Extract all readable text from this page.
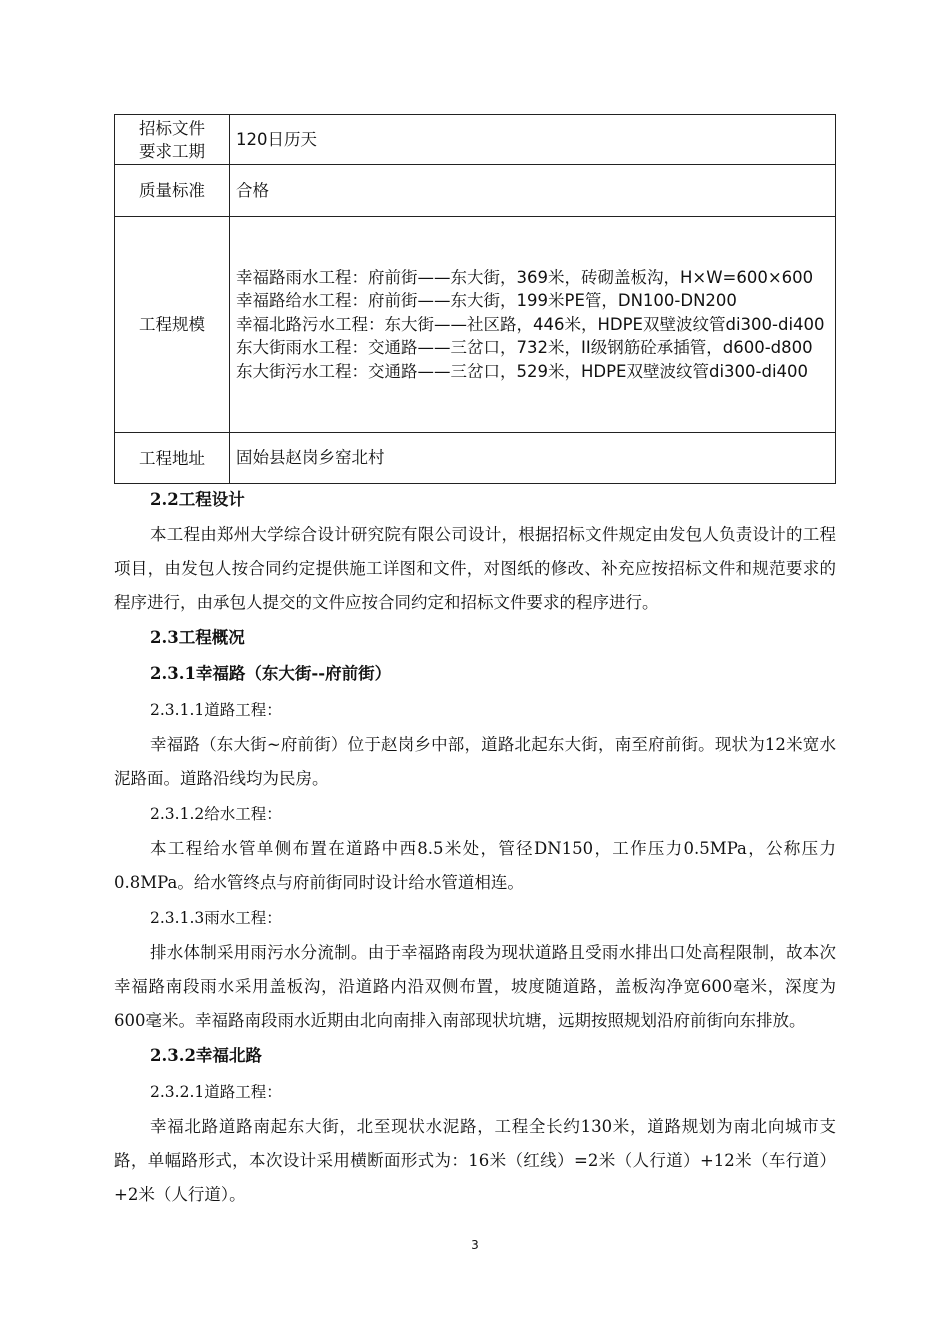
招标文件要求工期	120日历天
质量标准	合格
工程规模	幸福路雨水工程：府前街——东大街，369米，砖砌盖板沟，H×W=600×600
幸福路给水工程：府前街——东大街，199米PE管，DN100-DN200
幸福北路污水工程：东大街——社区路，446米，HDPE双壁波纹管di300-di400
东大街雨水工程：交通路——三岔口，732米，II级钢筋砼承插管，d600-d800
东大街污水工程：交通路——三岔口，529米，HDPE双壁波纹管di300-di400

工程地址	固始县赵岗乡窑北村

2.2工程设计

本工程由郑州大学综合设计研究院有限公司设计，根据招标文件规定由发包人负责设计的工程项目，由发包人按合同约定提供施工详图和文件，对图纸的修改、补充应按招标文件和规范要求的程序进行，由承包人提交的文件应按合同约定和招标文件要求的程序进行。

2.3工程概况

2.3.1幸福路（东大街--府前街）

2.3.1.1道路工程：

幸福路（东大街~府前街）位于赵岗乡中部，道路北起东大街，南至府前街。现状为12米宽水泥路面。道路沿线均为民房。

2.3.1.2给水工程：

本工程给水管单侧布置在道路中西8.5米处，管径DN150，工作压力0.5MPa，公称压力0.8MPa。给水管终点与府前街同时设计给水管道相连。

2.3.1.3雨水工程：

排水体制采用雨污水分流制。由于幸福路南段为现状道路且受雨水排出口处高程限制，故本次幸福路南段雨水采用盖板沟，沿道路内沿双侧布置，坡度随道路，盖板沟净宽600毫米，深度为600毫米。幸福路南段雨水近期由北向南排入南部现状坑塘，远期按照规划沿府前街向东排放。

2.3.2幸福北路

2.3.2.1道路工程：

幸福北路道路南起东大街，北至现状水泥路，工程全长约130米，道路规划为南北向城市支路，单幅路形式，本次设计采用横断面形式为：16米（红线）=2米（人行道）+12米（车行道）+2米（人行道）。

3
